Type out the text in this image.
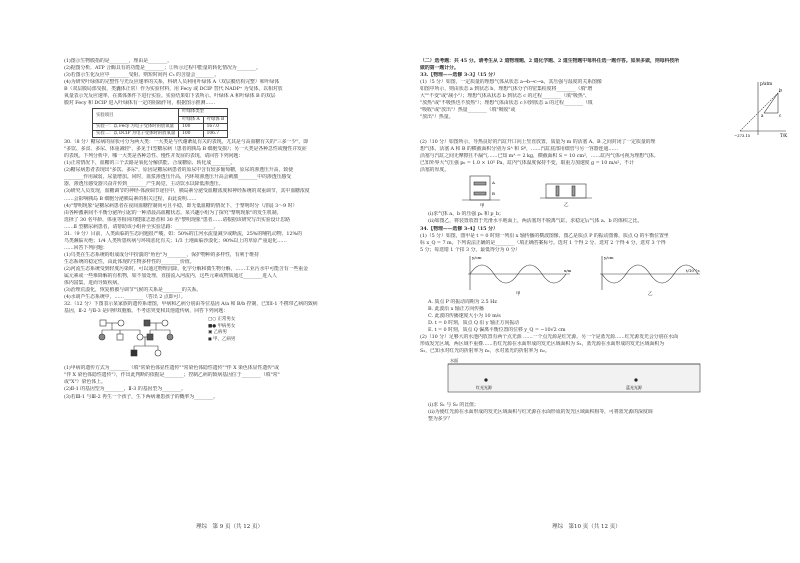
(1)图示生物膜指的是________，理由是________。

(2)据图分析，ATP 合酶具有的功能是________；②所示过程中能量的转化情况为________。

(3)若图示生化反应中________受阻，则短时间内 C₃ 的含量会________。

(4)为研究叶绿体的完整性与光反应速率的关系，科研人员利用叶绿体 A（双层膜结构完整）和叶绿体

B（双层膜局部受损，类囊体正常）作为实验材料，用 Fecy 或 DCIP 替代 NADP⁺ 为受体，以相对放

氧量表示光反应速率，在离体条件下进行实验。实验结果如下表所示。叶绿体 A 和叶绿体 B 的双层

膜对 Fecy 和 DCIP 进入叶绿体有一定的阻隔作用，根据图示推测……

实验项目	叶绿体类型	
	叶绿体 A	叶绿体 B
实验一：以 Fecy 为电子受体时的放氧量	100	167.0
实验二：以 DCIP 为电子受体时的放氧量	100	106.7

30.（8 分）糖尿病的症状可分为两大类：一大类是与代谢紊乱有关的表现，尤其是与高血糖有关的"三多一少"，即

"多饮、多食、多尿、体重减轻"，多见于Ⅰ型糖尿病（患者的胰岛 B 细胞受损）；另一大类是各种急性或慢性并发症

的表现。下列分析中，哪一大类是各种急性、慢性并发症的表现。请回答下列问题：

(1)正常情况下，血糖的三个去路是氧化分解供能、合成糖原、转化成________。

(2)糖尿病患者表现出"多饮、多尿"，原因是糖尿病患者的原尿中含有较多葡萄糖，原尿的渗透压升高，致使

________作用减弱，尿量增加。同时，血浆渗透压升高，内环境渗透压升高会刺激________中的渗透压感受

器，渗透压感受器兴奋并传到________产生渴觉，主动饮水以降低渗透压。

(3)研究人员发现，血糖调节的神经-体液调节途径中，胰岛素分泌受血糖浓度和神经系统的双重调节，其中血糖浓度

……会影响胰岛 B 细胞分泌胰岛素的相关过程，由此说明……

(4)"黎明现象"是糖尿病患者在夜间血糖控制尚可且平稳，即无低血糖的情况下，于黎明时分（清晨 3～9 时）

由各种激素间不平衡分泌所引起的一种清晨高血糖状态。某兴趣小组为了探究"黎明现象"的发生机制，

选择了 30 名年龄、体重等相同的健康志愿者和 30 名"黎明现象"患者……请根据该研究写出实验设计思路

……Ⅱ 型糖尿病患者，请帮助该小组补全实验思路：________________。

31.（9 分）目前，人类面临的生态问题很严峻，如：50%的江河水流量减少或断流，25%的哺乳动物、12%的

鸟类濒临灭绝；1/4 人类所患疾病与环境恶化有关；1/3 土地面临沙漠化；90%以上的草原严重退化……

……回答下列问题：

(1)鸟类在生态系统的组成成分中扮演的"角色"为________，保护物种的多样性，有利于维持

生态系统的稳定性，由此体现的生物多样性的________价值。

(2)河流生态系统受到轻度污染时，可以通过物理沉降、化学分解和微生物分解，……工业污水中可能含有一些重金

属元素或一些难降解的有机物，如不加处理，直接流入河流内，这些元素或物质通过________进入人

体内富集，进而导致疾病。

(3)治理荒漠化，恢复植被与调节气候的关系是________的关系。

(4)水葫芦生态系统中，……________（答出 2 点即可）。

32.（12 分）下图表示某家族的遗传系谱图，甲病和乙病分别由等位基因 A/a 和 B/b 控制，已知Ⅰ-1 不携带乙病的致病

基因，Ⅱ-2 与Ⅱ-3 是同卵双胞胎。不考虑突变和其他遗传病，回答下列问题：

□○ 正常男女
■● 甲病男女
▣ 乙病男
◼ 甲、乙病男

(1)甲病的遗传方式为________（填"常染色体显性遗传""常染色体隐性遗传""伴 X 染色体显性遗传"或

"伴 X 染色体隐性遗传"），作出此判断的依据是________；控制乙病的致病基因位于________（填"常"

或"X"）染色体上。

(2)Ⅱ-1 的基因型为________，Ⅱ-3 的基因型为________。

(3)若Ⅲ-1 与Ⅲ-2 再生一个孩子，生下两病兼患孩子的概率为________。

理综　第 9 页（共 12 页）

（二）选考题：共 45 分。请考生从 2 道物理题、2 道化学题、2 道生物题中每科任选一题作答。如果多做，则每科按所

做的第一题计分。

33.【物理——选修 3-3】（15 分）

(1)（5 分）如图，一定质量的理想气体从状态 a→b→c→a，其压强与温度的关系图像

如图中所示，则由状态 a 到状态 b，理想气体分子的密集程度将________（填"增

大""不变"或"减小"）；理想气体从状态 b 到状态 c 的过程________（填"吸热"、

"放热"或"不吸热也不放热"）；理想气体由状态 c 回到状态 a 的过程________（填

"吸收"或"放出"）热量________（填"吸收"或

"放出"）热量。

p/atm
T/K
−273.15
a
b
c

(2)（10 分）如图所示，导热良好的汽缸开口向上竖直放置，质量为 m 的活塞 A、B 之间封闭了一定质量的理

想气体，活塞 A 和 B 的横截面积分别为 Sᴬ 和 Sᴮ，……汽缸底部用细管与另一容器连通……

活塞与汽缸之间无摩擦且不漏气……已知 mᴬ = 2 kg，横截面积 S = 10 cm²，……缸内气体可视为理想气体。

已知外界大气压强 p₀ = 1.0 × 10⁵ Pa，缸内气体温度保持不变，取重力加速度 g = 10 m/s²，不计

活塞的厚度。

甲	乙
A
B

(i)求气体 a、b 的压强 pₐ 和 p_b；

(ii)如图乙，将装置放置于光滑水平地面上，两活塞均不脱离气缸，求稳定后气体 a、b 的体积之比。

34.【物理——选修 3-4】（15 分）

(1)（5 分）如图，图甲是 t = 0 时刻一列沿 x 轴传播的横波图像，图乙是质点 P 的振动图像，质点 Q 的平衡位置坐

标 x_Q = 7 m。下列说法正确的是________（填正确答案标号。选对 1 个得 2 分，选对 2 个得 4 分，选对 3 个得

5 分；每选错 1 个扣 3 分，最低得分为 0 分）

x/m	t/10⁻¹s
y/cm	y/cm
甲	乙

A. 质点 P 的振动周期为 2.5 Hz

B. 此波沿 x 轴正方向传播

C. 此波的传播速度大小为 10 m/s

D. t = 0 时刻，质点 Q 沿 y 轴正方向振动

E. t = 0 时刻，质点 Q 偏离平衡位置的位移 y_Q = −10√2 cm

(2)（10 分）足够大的水池内放置有两个点光源 ……一个点光源是红光源，另一个是蓝光源……红光源发光会分别在水面

形成发光区域，两区域不重叠……若红光源在水面形成的发光区域面积为 S₁，蓝光源在水面形成的发光区域面积为

S₂，已知水对红光的折射率为 n₁，水对蓝光的折射率为 n₂。

水面
红光光源	蓝光光源

(i)求 S₁ 与 S₂ 的比值；

(ii)为使红光源在水面形成的发光区域面积与红光源在水面形成的发光区域面积相等，可将蓝光源的深度调

整为多少？

理综　第10 页（共 12 页）
